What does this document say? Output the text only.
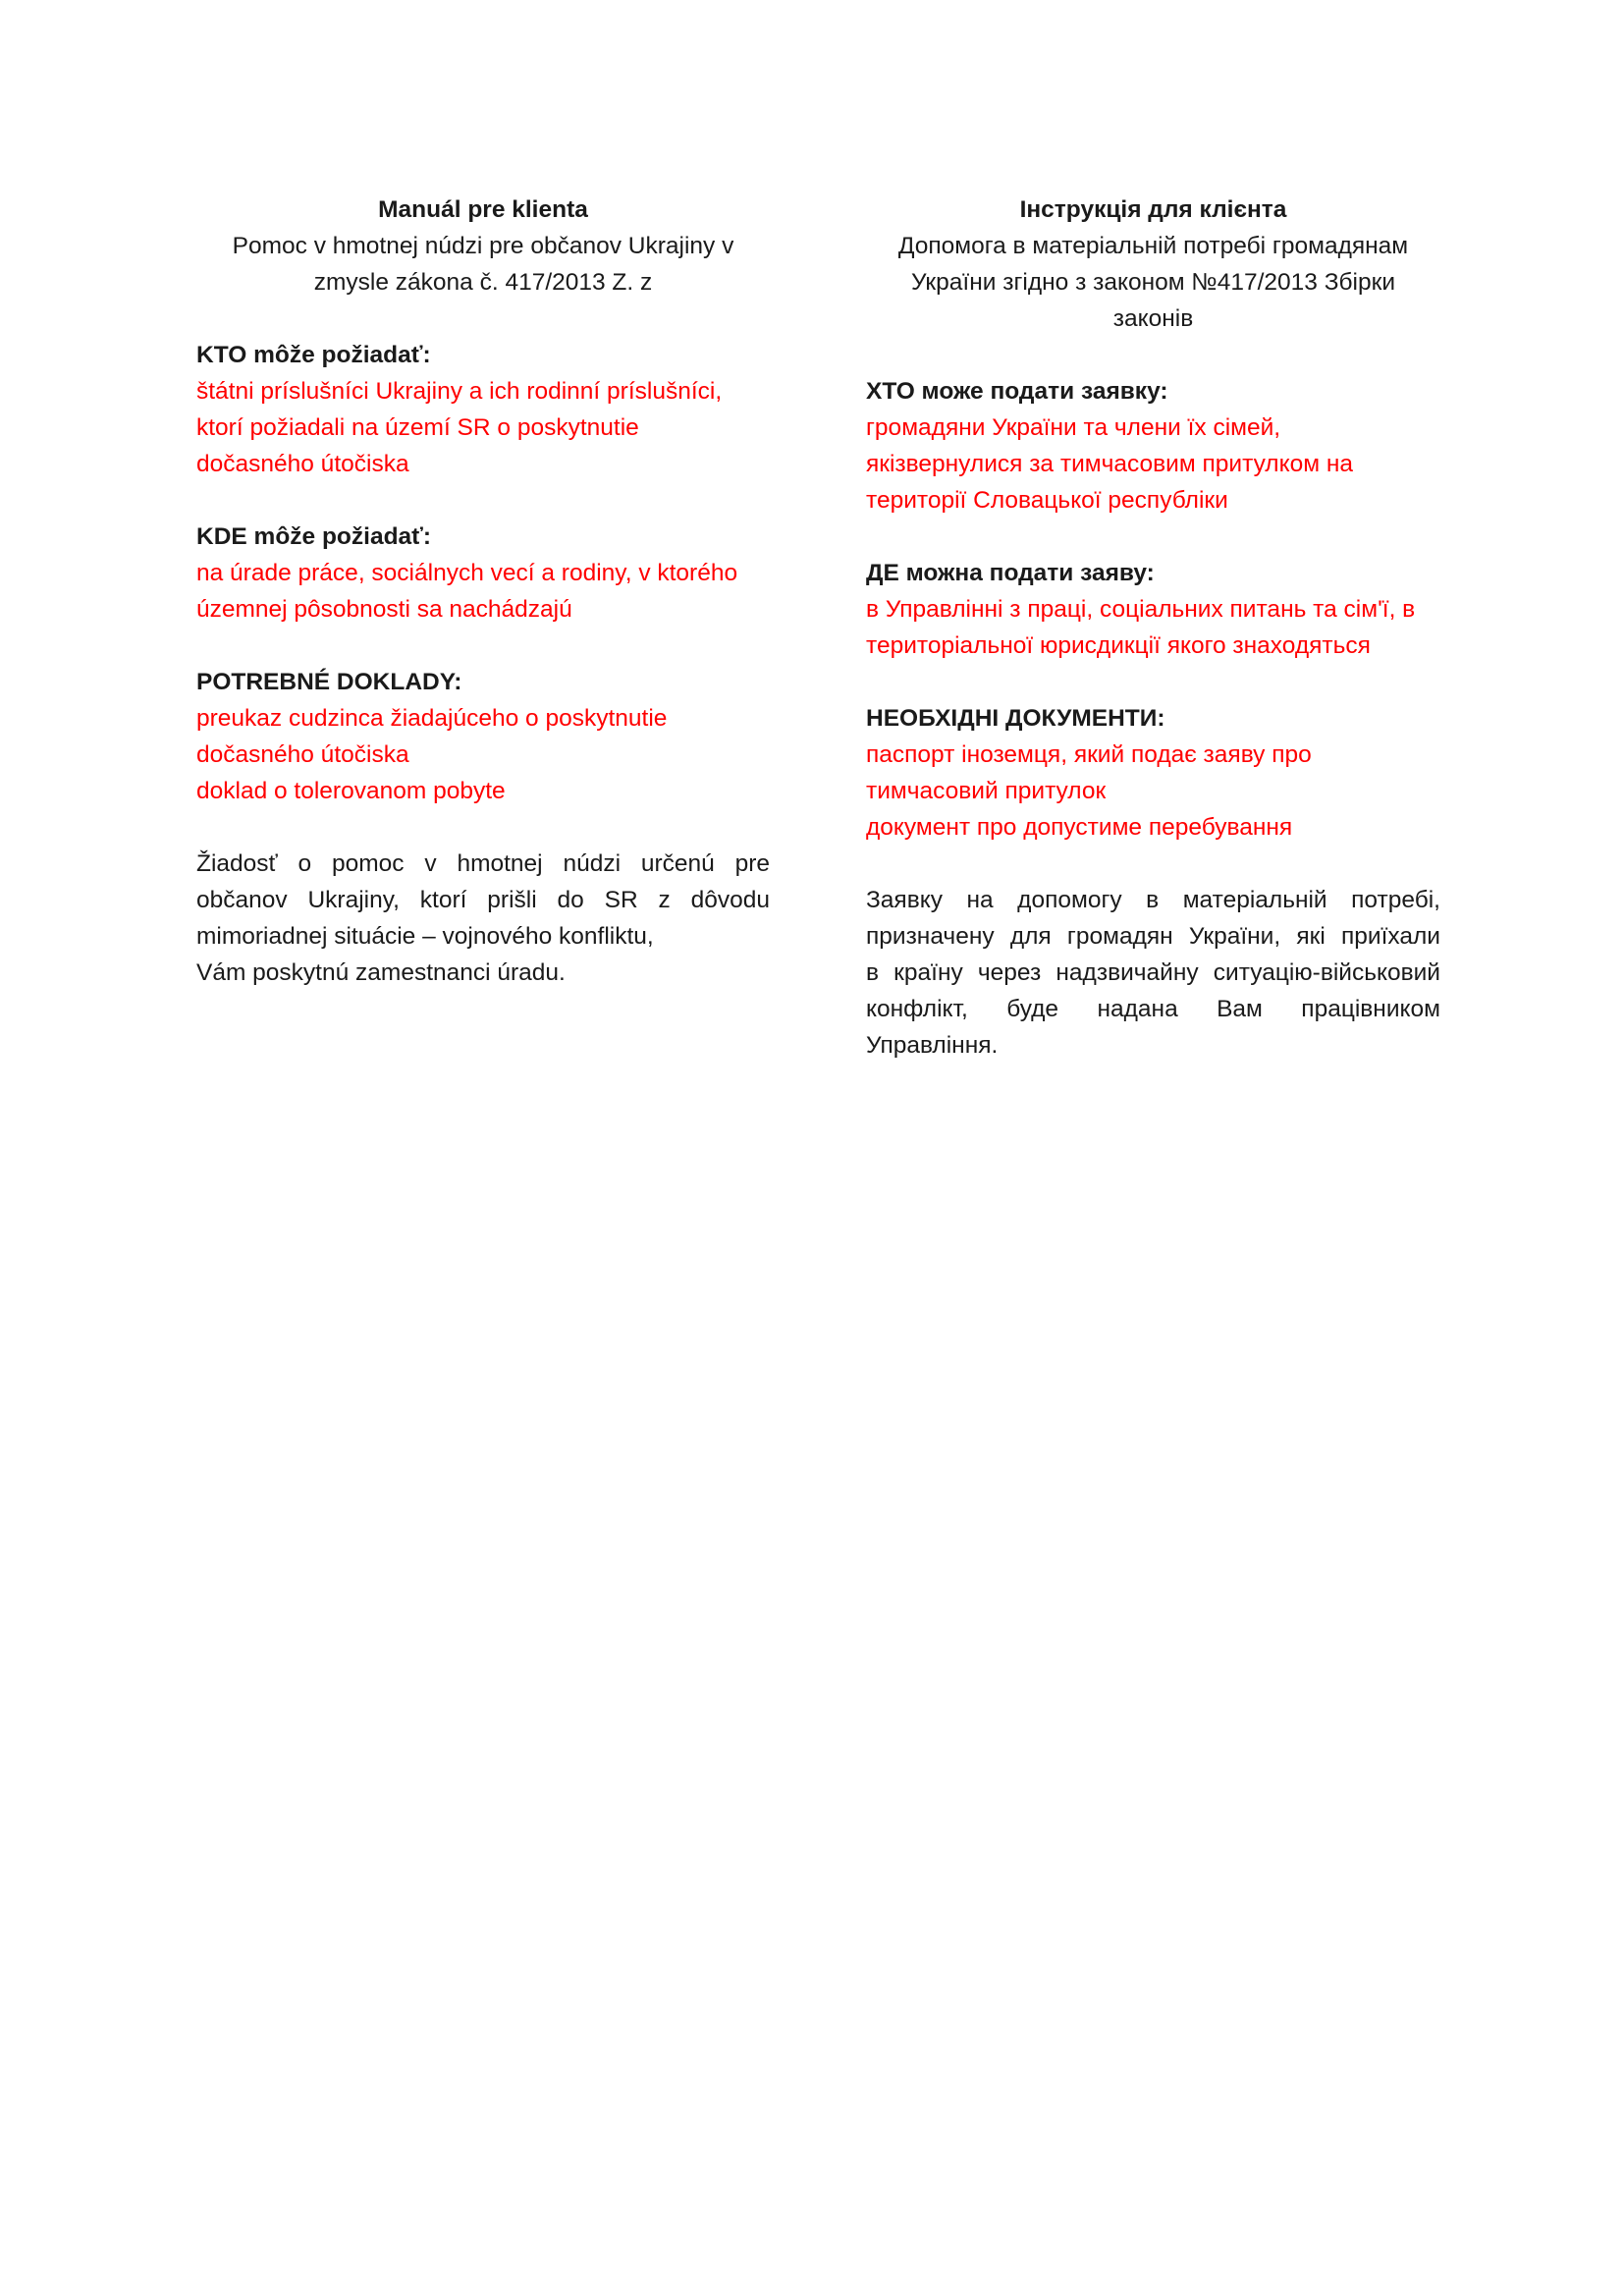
Manuál pre klienta
Pomoc v hmotnej núdzi pre občanov Ukrajiny v
zmysle zákona č. 417/2013 Z. z
KTO môže požiadať:
štátni príslušníci Ukrajiny a ich rodinní príslušníci,
ktorí požiadali na území SR o poskytnutie
dočasného útočiska
KDE môže požiadať:
na úrade práce, sociálnych vecí a rodiny, v ktorého
územnej pôsobnosti sa nachádzajú
POTREBNÉ DOKLADY:
preukaz cudzinca žiadajúceho o poskytnutie
dočasného útočiska
doklad o tolerovanom pobyte
Žiadosť o pomoc v hmotnej núdzi určenú pre
občanov Ukrajiny, ktorí prišli do SR z dôvodu
mimoriadnej situácie – vojnového konfliktu,
Vám poskytnú zamestnanci úradu.
Інструкція для клієнта
Допомога в матеріальній потребі громадянам
України згідно з законом №417/2013 Збірки
законів
ХТО може подати заявку:
громадяни України та члени їх сімей,
якізвернулися за тимчасовим притулком на
території Словацької республіки
ДЕ можна подати заяву:
в Управлінні з праці, соціальних питань та сім'ї, в
територіальної юрисдикції якого знаходяться
НЕОБХІДНІ ДОКУМЕНТИ:
паспорт іноземця, який подає заяву про
тимчасовий притулок
документ про допустиме перебування
Заявку на допомогу в матеріальній потребі,
призначену для громадян України, які приїхали
в країну через надзвичайну ситуацію-військовий
конфлікт, буде надана Вам працівником
Управління.
